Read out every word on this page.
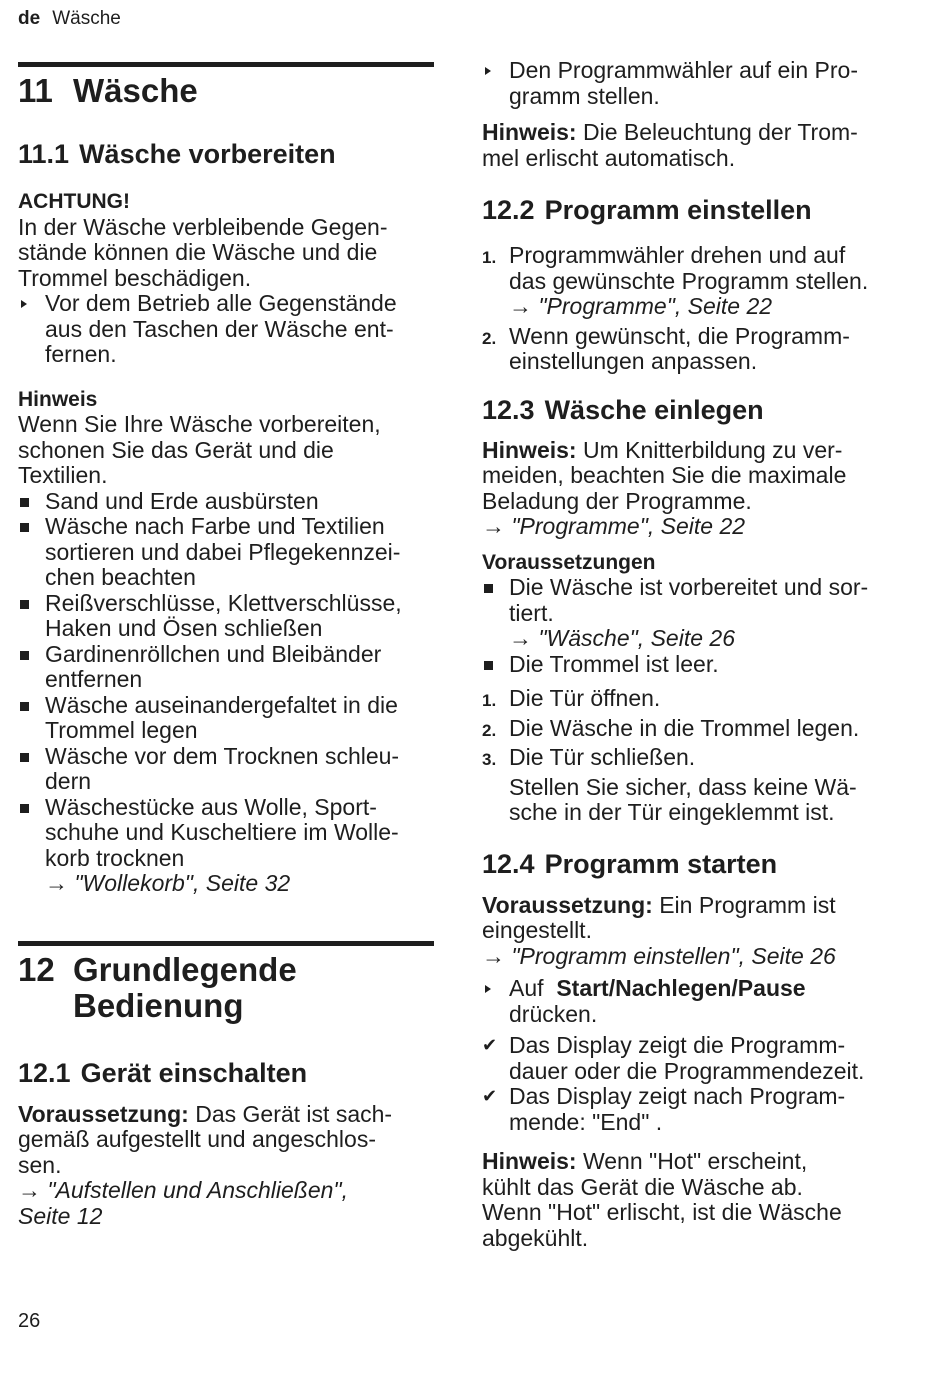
de Wäsche
11 Wäsche
11.1 Wäsche vorbereiten
ACHTUNG!

In der Wäsche verbleibende Gegen-
stände können die Wäsche und die
Trommel beschädigen.

Vor dem Betrieb alle Gegenstände
aus den Taschen der Wäsche ent-
fernen.
Hinweis

Wenn Sie Ihre Wäsche vorbereiten,
schonen Sie das Gerät und die
Textilien.

Sand und Erde ausbürsten
Wäsche nach Farbe und Textilien
sortieren und dabei Pflegekennzei-
chen beachten
Reißverschlüsse, Klettverschlüsse,
Haken und Ösen schließen
Gardinenröllchen und Bleibänder
entfernen
Wäsche auseinandergefaltet in die
Trommel legen
Wäsche vor dem Trocknen schleu-
dern
Wäschestücke aus Wolle, Sport-
schuhe und Kuscheltiere im Wolle-
korb trocknen
→ "Wollekorb", Seite 32
12 Grundlegende
Bedienung
12.1 Gerät einschalten

Voraussetzung: Das Gerät ist sach-
gemäß aufgestellt und angeschlos-
sen.
→ "Aufstellen und Anschließen",
Seite 12

26
Den Programmwähler auf ein Pro-
gramm stellen.

Hinweis: Die Beleuchtung der Trom-
mel erlischt automatisch.

12.2 Programm einstellen
1. Programmwähler drehen und auf
das gewünschte Programm stellen.
→ "Programme", Seite 22
2. Wenn gewünscht, die Programm-
einstellungen anpassen.
12.3 Wäsche einlegen

Hinweis: Um Knitterbildung zu ver-
meiden, beachten Sie die maximale
Beladung der Programme.
→ "Programme", Seite 22

Voraussetzungen
Die Wäsche ist vorbereitet und sor-
tiert.
→ "Wäsche", Seite 26
Die Trommel ist leer.
1. Die Tür öffnen.
2. Die Wäsche in die Trommel legen.
3. Die Tür schließen.

Stellen Sie sicher, dass keine Wä-
sche in der Tür eingeklemmt ist.

12.4 Programm starten

Voraussetzung: Ein Programm ist
eingestellt.
→ "Programm einstellen", Seite 26

Auf  Start/Nachlegen/Pause
drücken.
✔ Das Display zeigt die Programm-
dauer oder die Programmendezeit.
✔ Das Display zeigt nach Program-
mende: "End" .

Hinweis: Wenn "Hot" erscheint,
kühlt das Gerät die Wäsche ab.
Wenn "Hot" erlischt, ist die Wäsche
abgekühlt.
